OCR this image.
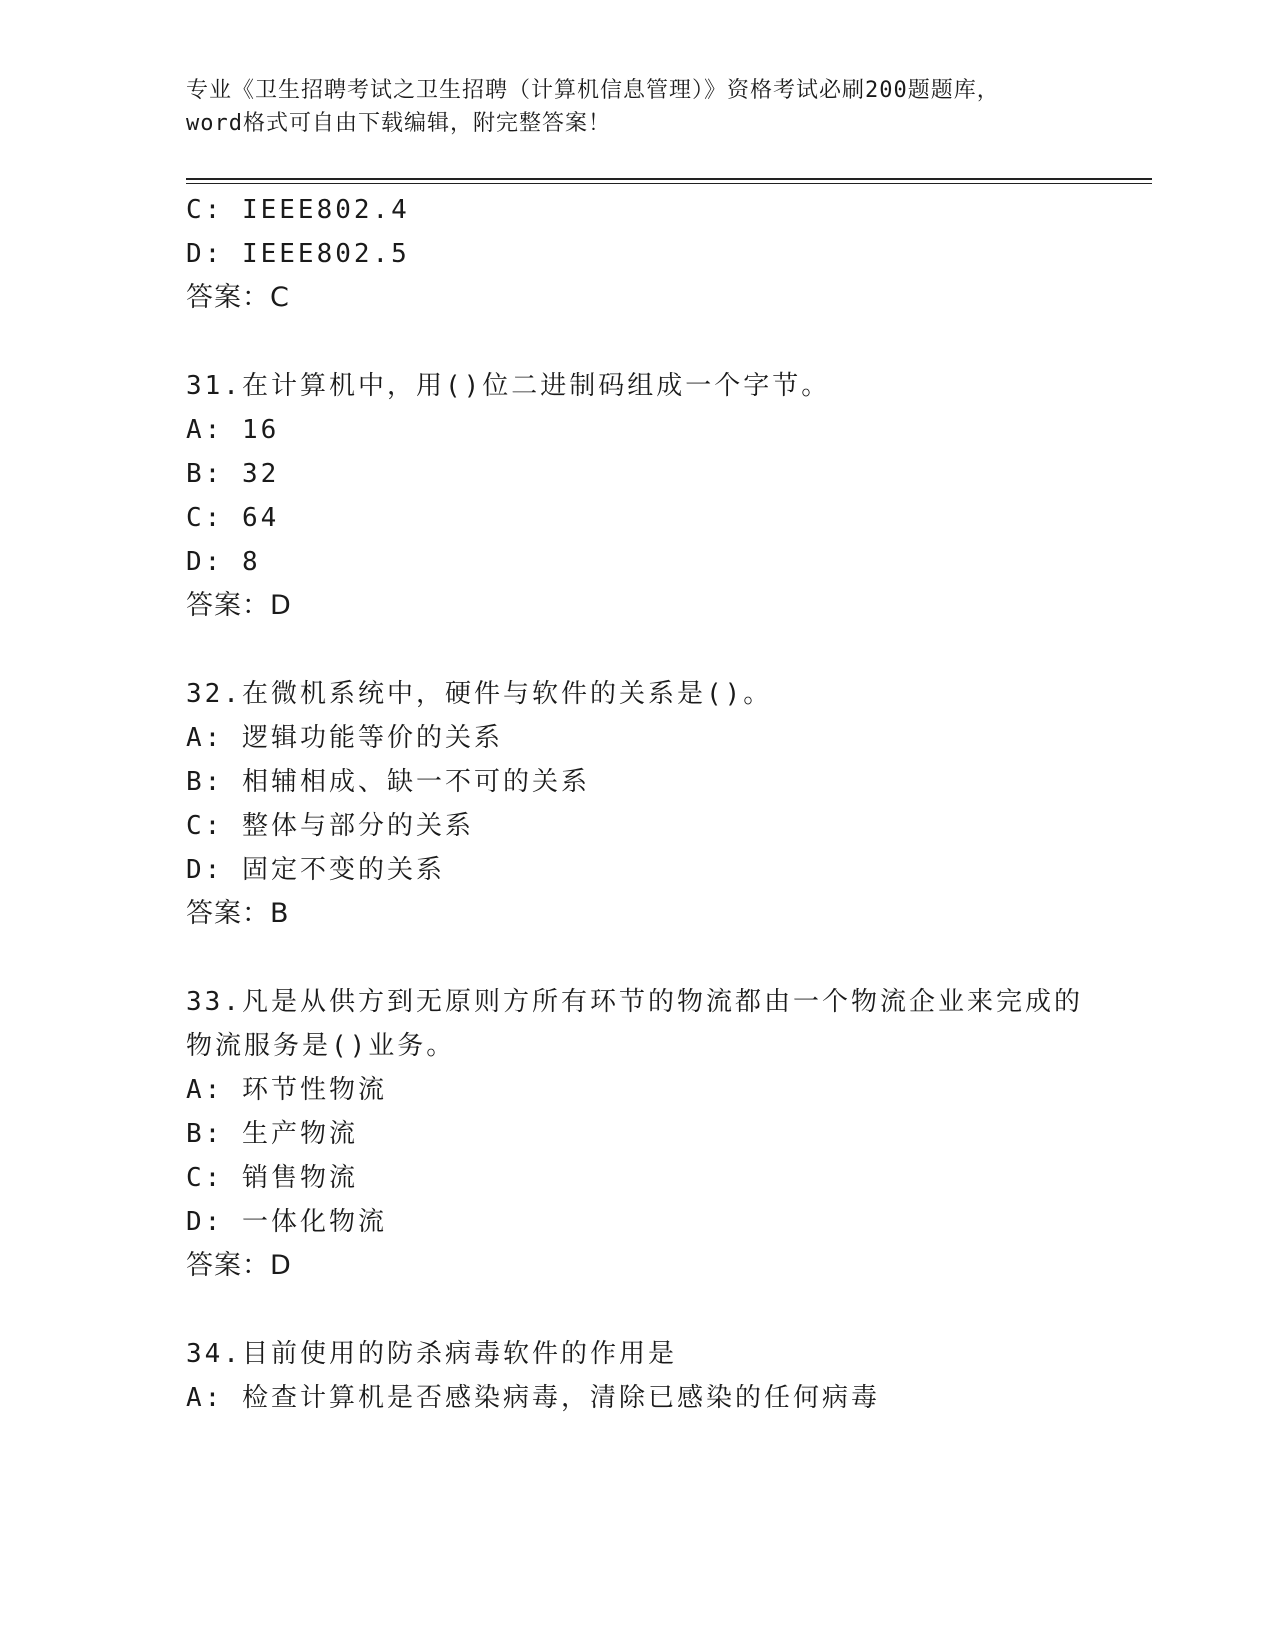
专业《卫生招聘考试之卫生招聘（计算机信息管理）》资格考试必刷200题题库，
word格式可自由下载编辑，附完整答案！
C: IEEE802.4
D: IEEE802.5
答案：C
31.在计算机中，用()位二进制码组成一个字节。
A: 16
B: 32
C: 64
D: 8
答案：D
32.在微机系统中，硬件与软件的关系是()。
A: 逻辑功能等价的关系
B: 相辅相成、缺一不可的关系
C: 整体与部分的关系
D: 固定不变的关系
答案：B
33.凡是从供方到无原则方所有环节的物流都由一个物流企业来完成的
物流服务是()业务。
A: 环节性物流
B: 生产物流
C: 销售物流
D: 一体化物流
答案：D
34.目前使用的防杀病毒软件的作用是
A: 检查计算机是否感染病毒，清除已感染的任何病毒
